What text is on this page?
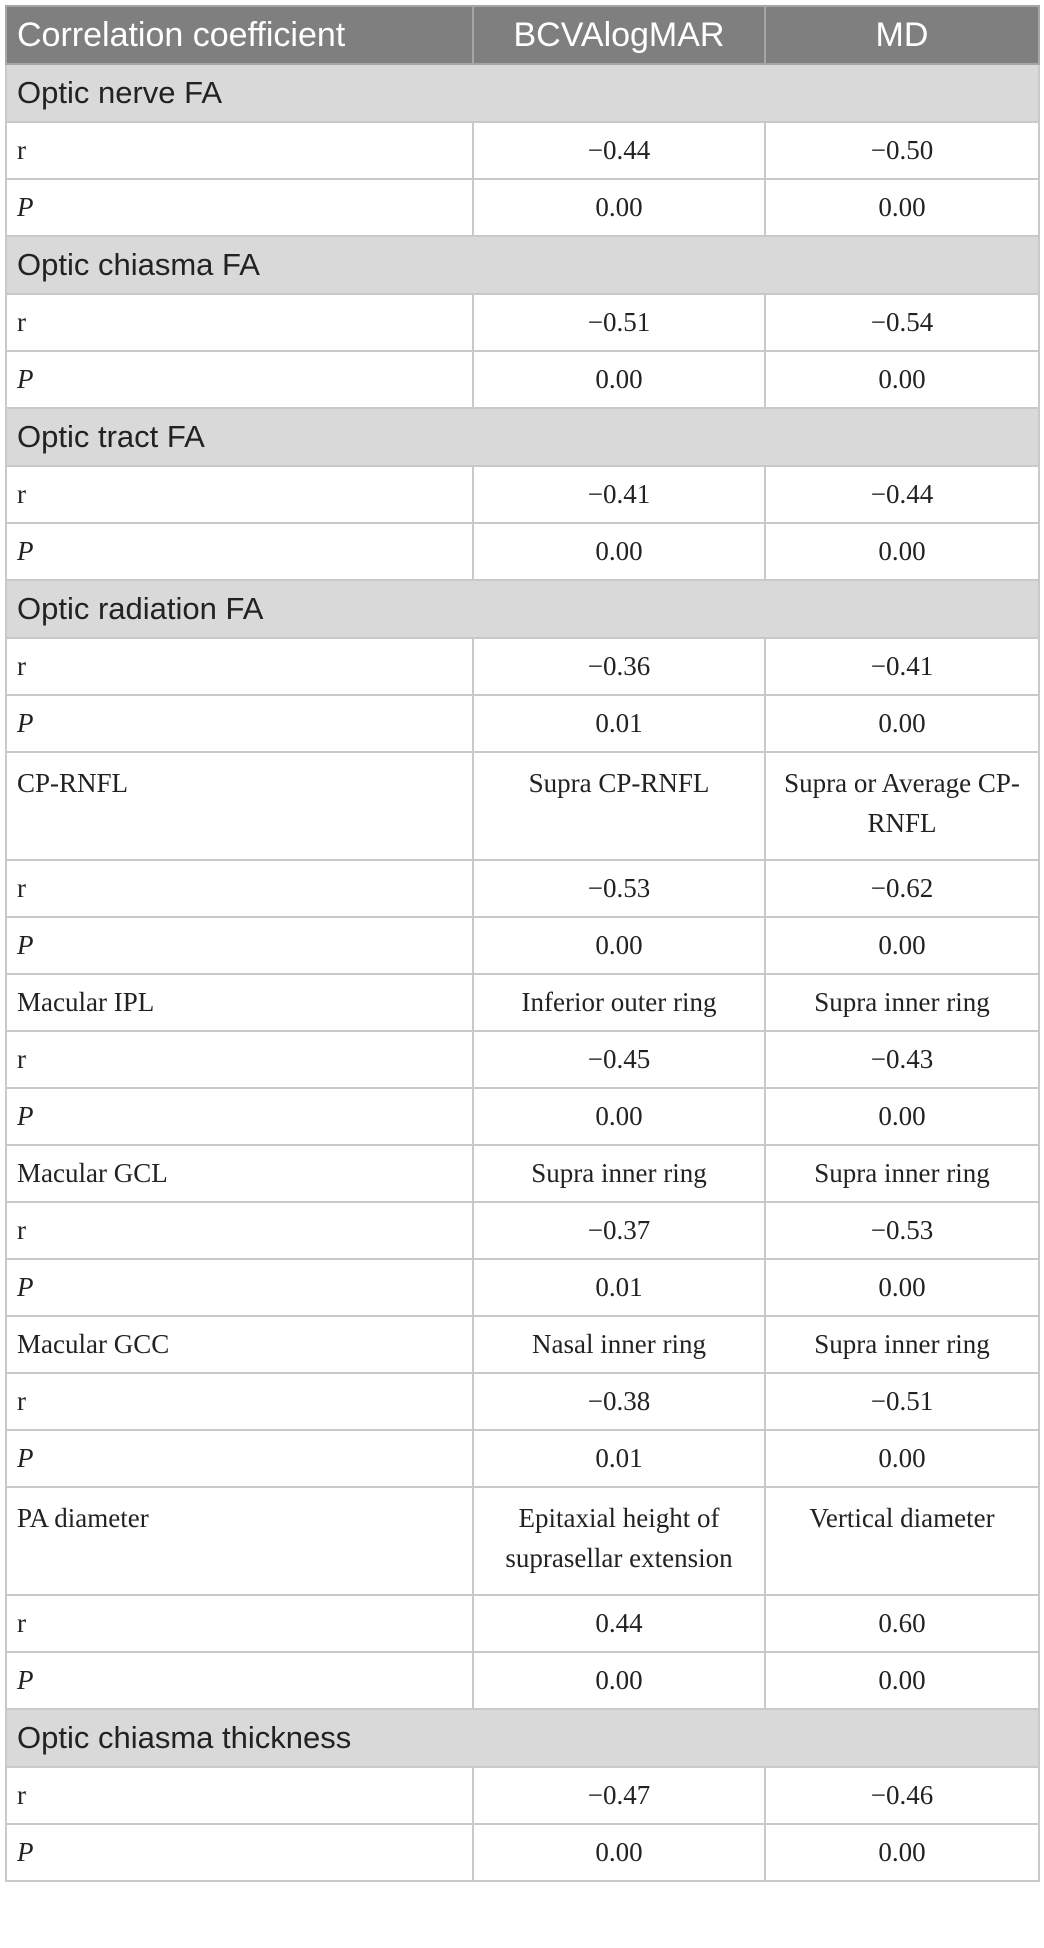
Correlation coefficient	BCVAlogMAR	MD
Optic nerve FA		
r	−0.44	−0.50
P	0.00	0.00
Optic chiasma FA		
r	−0.51	−0.54
P	0.00	0.00
Optic tract FA		
r	−0.41	−0.44
P	0.00	0.00
Optic radiation FA		
r	−0.36	−0.41
P	0.01	0.00
CP-RNFL	Supra CP-RNFL	Supra or Average CP-RNFL
r	−0.53	−0.62
P	0.00	0.00
Macular IPL	Inferior outer ring	Supra inner ring
r	−0.45	−0.43
P	0.00	0.00
Macular GCL	Supra inner ring	Supra inner ring
r	−0.37	−0.53
P	0.01	0.00
Macular GCC	Nasal inner ring	Supra inner ring
r	−0.38	−0.51
P	0.01	0.00
PA diameter	Epitaxial height of suprasellar extension	Vertical diameter
r	0.44	0.60
P	0.00	0.00
Optic chiasma thickness		
r	−0.47	−0.46
P	0.00	0.00
